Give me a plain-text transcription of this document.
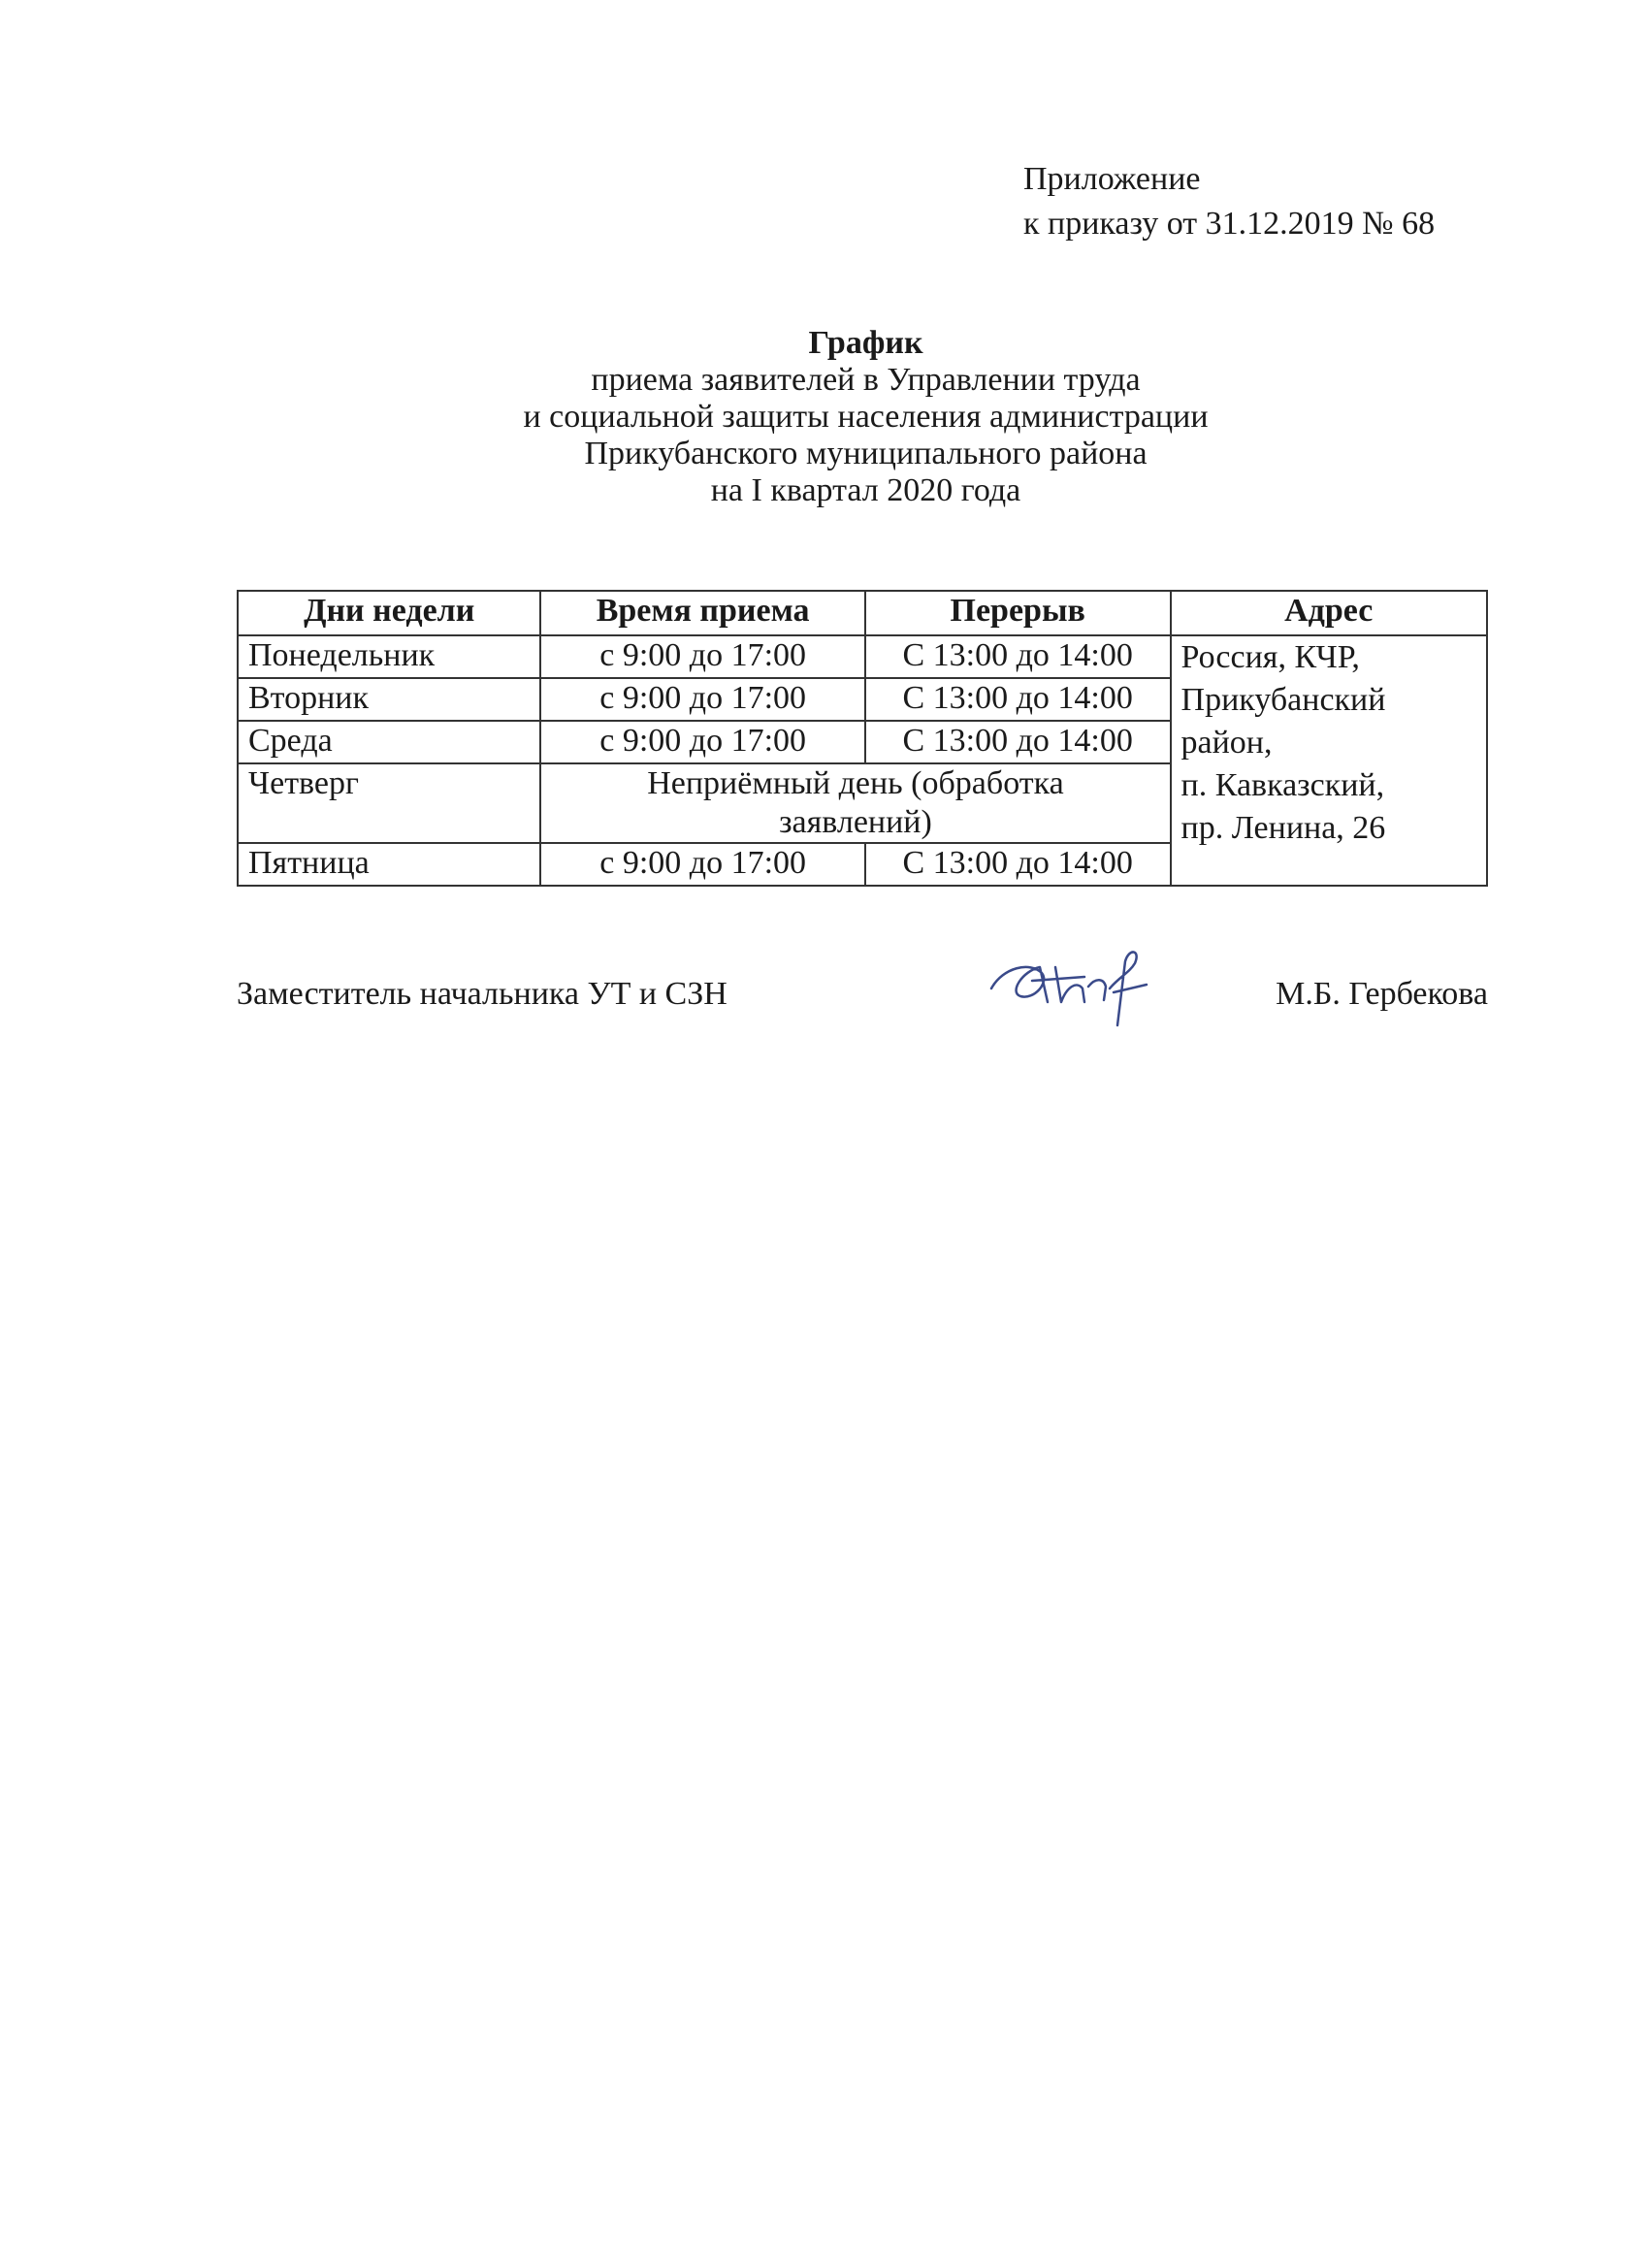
Приложение
к приказу от 31.12.2019 № 68
График
приема заявителей в Управлении труда
и социальной защиты населения администрации
Прикубанского муниципального района
на I квартал 2020 года
Дни недели	Время приема	Перерыв	Адрес
Понедельник	с 9:00 до 17:00	С 13:00 до 14:00	Россия, КЧР,
Прикубанский
район,
п. Кавказский,
пр. Ленина, 26

Вторник	с 9:00 до 17:00	С 13:00 до 14:00	
Среда	с 9:00 до 17:00	С 13:00 до 14:00	
Четверг	Неприёмный день (обработка
заявлений)		

Пятница	с 9:00 до 17:00	С 13:00 до 14:00	
Заместитель начальника УТ и СЗН	М.Б. Гербекова
